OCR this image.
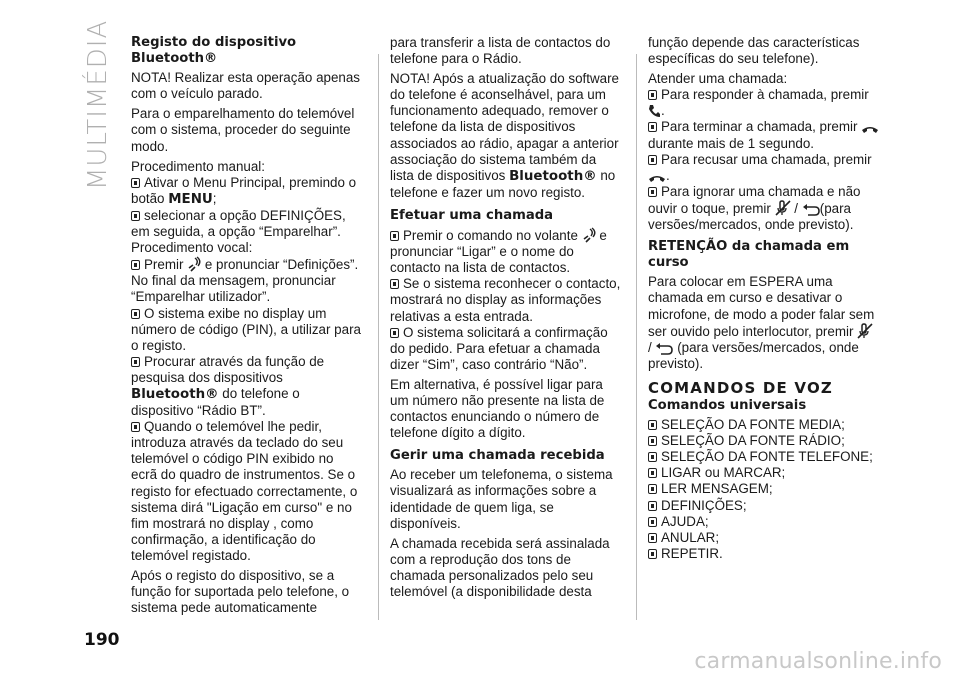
MULTIMÉDIA Registo do dispositivo Bluetooth®

NOTA! Realizar esta operação apenas com o veículo parado.

Para o emparelhamento do telemóvel com o sistema, proceder do seguinte modo.

Procedimento manual:

Ativar o Menu Principal, premindo o botão MENU;

selecionar a opção DEFINIÇÕES, em seguida, a opção “Emparelhar”.

Procedimento vocal:

Premir  e pronunciar “Definições”. No final da mensagem, pronunciar “Emparelhar utilizador”.

O sistema exibe no display um número de código (PIN), a utilizar para o registo.

Procurar através da função de pesquisa dos dispositivos Bluetooth® do telefone o dispositivo “Rádio BT”.

Quando o telemóvel lhe pedir, introduza através da teclado do seu telemóvel o código PIN exibido no ecrã do quadro de instrumentos. Se o registo for efectuado correctamente, o sistema dirá "Ligação em curso" e no fim mostrará no display , como confirmação, a identificação do telemóvel registado.

Após o registo do dispositivo, se a função for suportada pelo telefone, o sistema pede automaticamente

para transferir a lista de contactos do telefone para o Rádio.

NOTA! Após a atualização do software do telefone é aconselhável, para um funcionamento adequado, remover o telefone da lista de dispositivos associados ao rádio, apagar a anterior associação do sistema também da lista de dispositivos Bluetooth® no telefone e fazer um novo registo.

Efetuar uma chamada

Premir o comando no volante  e pronunciar “Ligar” e o nome do contacto na lista de contactos.

Se o sistema reconhecer o contacto, mostrará no display as informações relativas a esta entrada.

O sistema solicitará a confirmação do pedido. Para efetuar a chamada dizer “Sim”, caso contrário “Não”.

Em alternativa, é possível ligar para um número não presente na lista de contactos enunciando o número de telefone dígito a dígito.

Gerir uma chamada recebida

Ao receber um telefonema, o sistema visualizará as informações sobre a identidade de quem liga, se disponíveis.

A chamada recebida será assinalada com a reprodução dos tons de chamada personalizados pelo seu telemóvel (a disponibilidade desta

função depende das características específicas do seu telefone).

Atender uma chamada:

Para responder à chamada, premir .

Para terminar a chamada, premir  durante mais de 1 segundo.

Para recusar uma chamada, premir .

Para ignorar uma chamada e não ouvir o toque, premir  / (para versões/mercados, onde previsto).

RETENÇÃO da chamada em curso

Para colocar em ESPERA uma chamada em curso e desativar o microfone, de modo a poder falar sem ser ouvido pelo interlocutor, premir  /  (para versões/mercados, onde previsto).

COMANDOS DE VOZ
Comandos universais

SELEÇÃO DA FONTE MEDIA;

SELEÇÃO DA FONTE RÁDIO;

SELEÇÃO DA FONTE TELEFONE;

LIGAR ou MARCAR;

LER MENSAGEM;

DEFINIÇÕES;

AJUDA;

ANULAR;

REPETIR.

190
carmanualsonline.info
